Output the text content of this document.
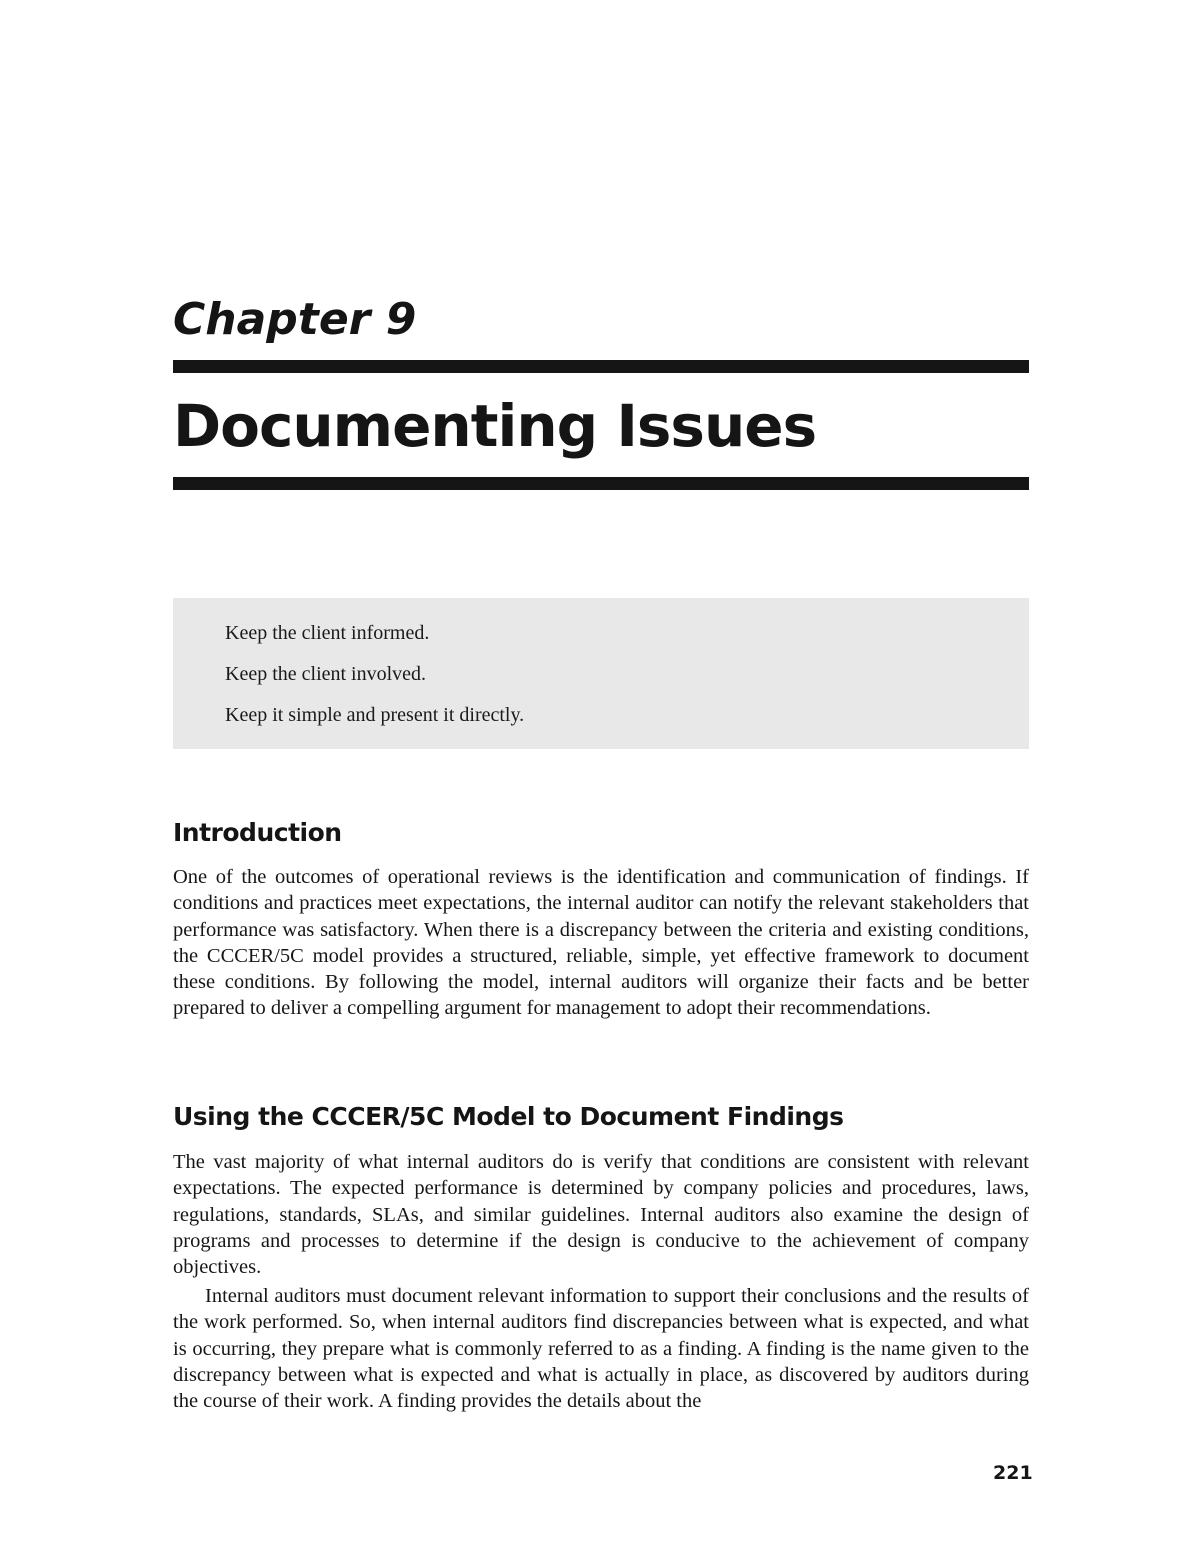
Chapter 9
Documenting Issues

Keep the client informed.

Keep the client involved.

Keep it simple and present it directly.

Introduction

One of the outcomes of operational reviews is the identification and communication of findings. If conditions and practices meet expectations, the internal auditor can notify the relevant stakeholders that performance was satisfactory. When there is a discrepancy between the criteria and existing conditions, the CCCER/5C model provides a structured, reliable, simple, yet effective framework to document these conditions. By following the model, internal auditors will organize their facts and be better prepared to deliver a compelling argument for management to adopt their recommendations.

Using the CCCER/5C Model to Document Findings

The vast majority of what internal auditors do is verify that conditions are consistent with relevant expectations. The expected performance is determined by company policies and procedures, laws, regulations, standards, SLAs, and similar guidelines. Internal auditors also examine the design of programs and processes to determine if the design is conducive to the achievement of company objectives.

Internal auditors must document relevant information to support their conclusions and the results of the work performed. So, when internal auditors find discrepancies between what is expected, and what is occurring, they prepare what is commonly referred to as a finding. A finding is the name given to the discrepancy between what is expected and what is actually in place, as discovered by auditors during the course of their work. A finding provides the details about the

221
